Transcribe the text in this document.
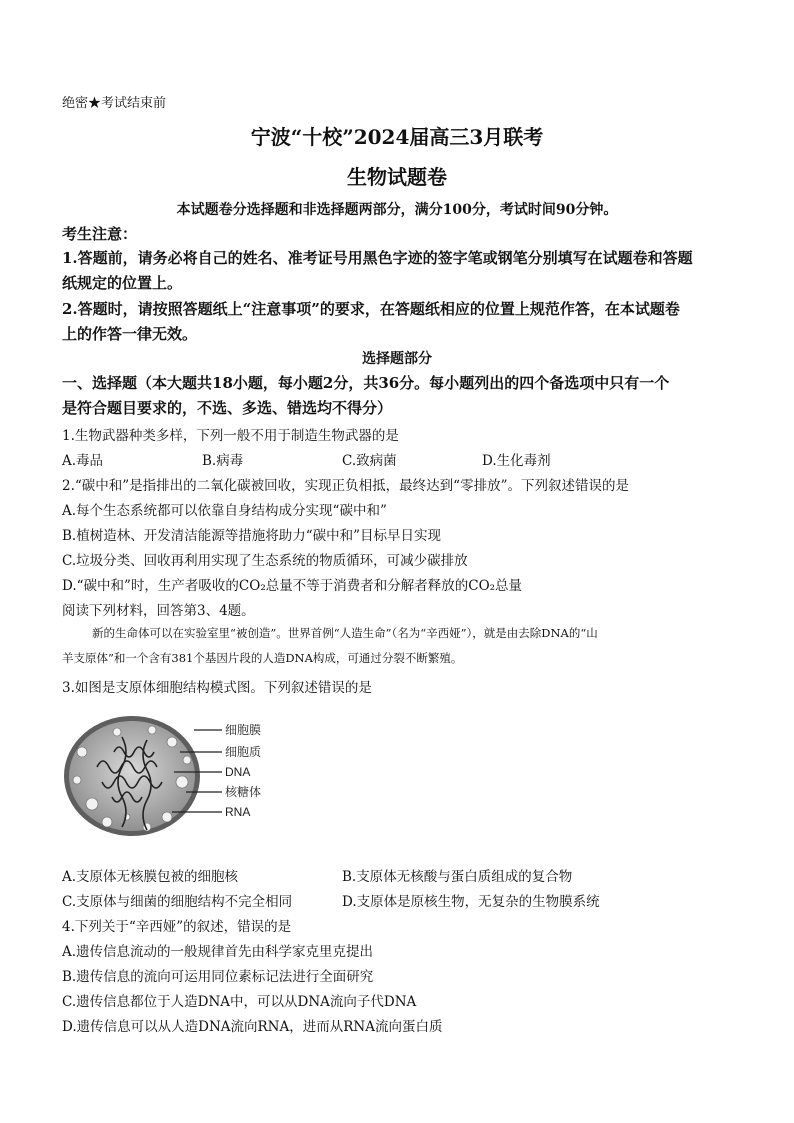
绝密★考试结束前
宁波“十校”2024届高三3月联考
生物试题卷
本试题卷分选择题和非选择题两部分，满分100分，考试时间90分钟。
考生注意：
1.答题前，请务必将自己的姓名、准考证号用黑色字迹的签字笔或钢笔分别填写在试题卷和答题
纸规定的位置上。
2.答题时，请按照答题纸上“注意事项”的要求，在答题纸相应的位置上规范作答，在本试题卷
上的作答一律无效。
选择题部分
一、选择题（本大题共18小题，每小题2分，共36分。每小题列出的四个备选项中只有一个
是符合题目要求的，不选、多选、错选均不得分）
1.生物武器种类多样，下列一般不用于制造生物武器的是
A.毒品	B.病毒	C.致病菌	D.生化毒剂
2.“碳中和”是指排出的二氧化碳被回收，实现正负相抵，最终达到“零排放”。下列叙述错误的是
A.每个生态系统都可以依靠自身结构成分实现“碳中和”
B.植树造林、开发清洁能源等措施将助力“碳中和”目标早日实现
C.垃圾分类、回收再利用实现了生态系统的物质循环，可减少碳排放
D.“碳中和”时，生产者吸收的CO₂总量不等于消费者和分解者释放的CO₂总量
阅读下列材料，回答第3、4题。
新的生命体可以在实验室里“被创造”。世界首例“人造生命”（名为“辛西娅”），就是由去除DNA的“山
羊支原体”和一个含有381个基因片段的人造DNA构成，可通过分裂不断繁殖。
3.如图是支原体细胞结构模式图。下列叙述错误的是
细胞膜
细胞质
DNA
核糖体
RNA
A.支原体无核膜包被的细胞核	B.支原体无核酸与蛋白质组成的复合物
C.支原体与细菌的细胞结构不完全相同	D.支原体是原核生物，无复杂的生物膜系统
4.下列关于“辛西娅”的叙述，错误的是
A.遗传信息流动的一般规律首先由科学家克里克提出
B.遗传信息的流向可运用同位素标记法进行全面研究
C.遗传信息都位于人造DNA中，可以从DNA流向子代DNA
D.遗传信息可以从人造DNA流向RNA，进而从RNA流向蛋白质
